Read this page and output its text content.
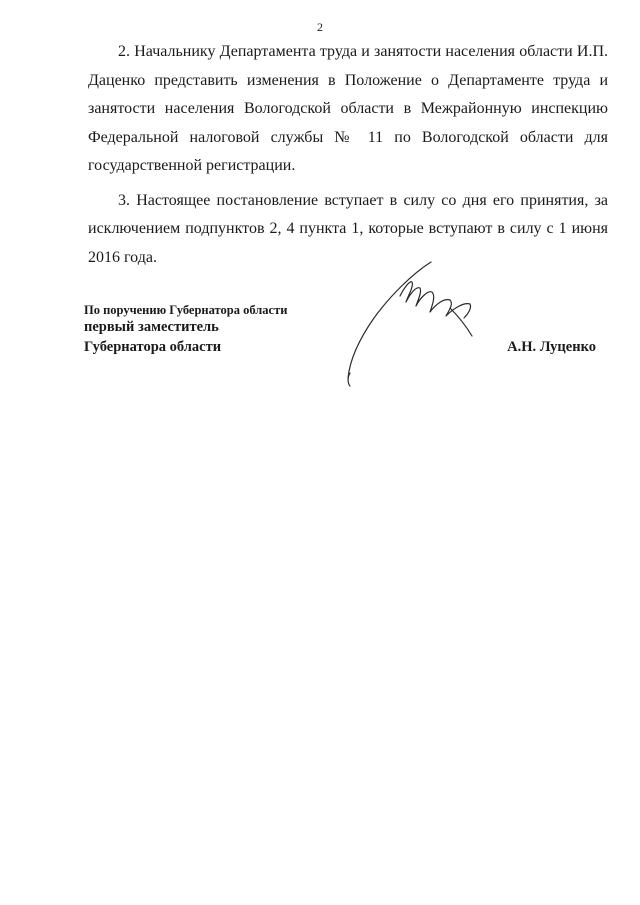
2

2. Начальнику Департамента труда и занятости населения области И.П. Даценко представить изменения в Положение о Департаменте труда и занятости населения Вологодской области в Межрайонную инспекцию Федеральной налоговой службы № 11 по Вологодской области для государственной регистрации.

3. Настоящее постановление вступает в силу со дня его принятия, за исключением подпунктов 2, 4 пункта 1, которые вступают в силу с 1 июня 2016 года.

По поручению Губернатора области
первый заместитель
Губернатора области	А.Н. Луценко
